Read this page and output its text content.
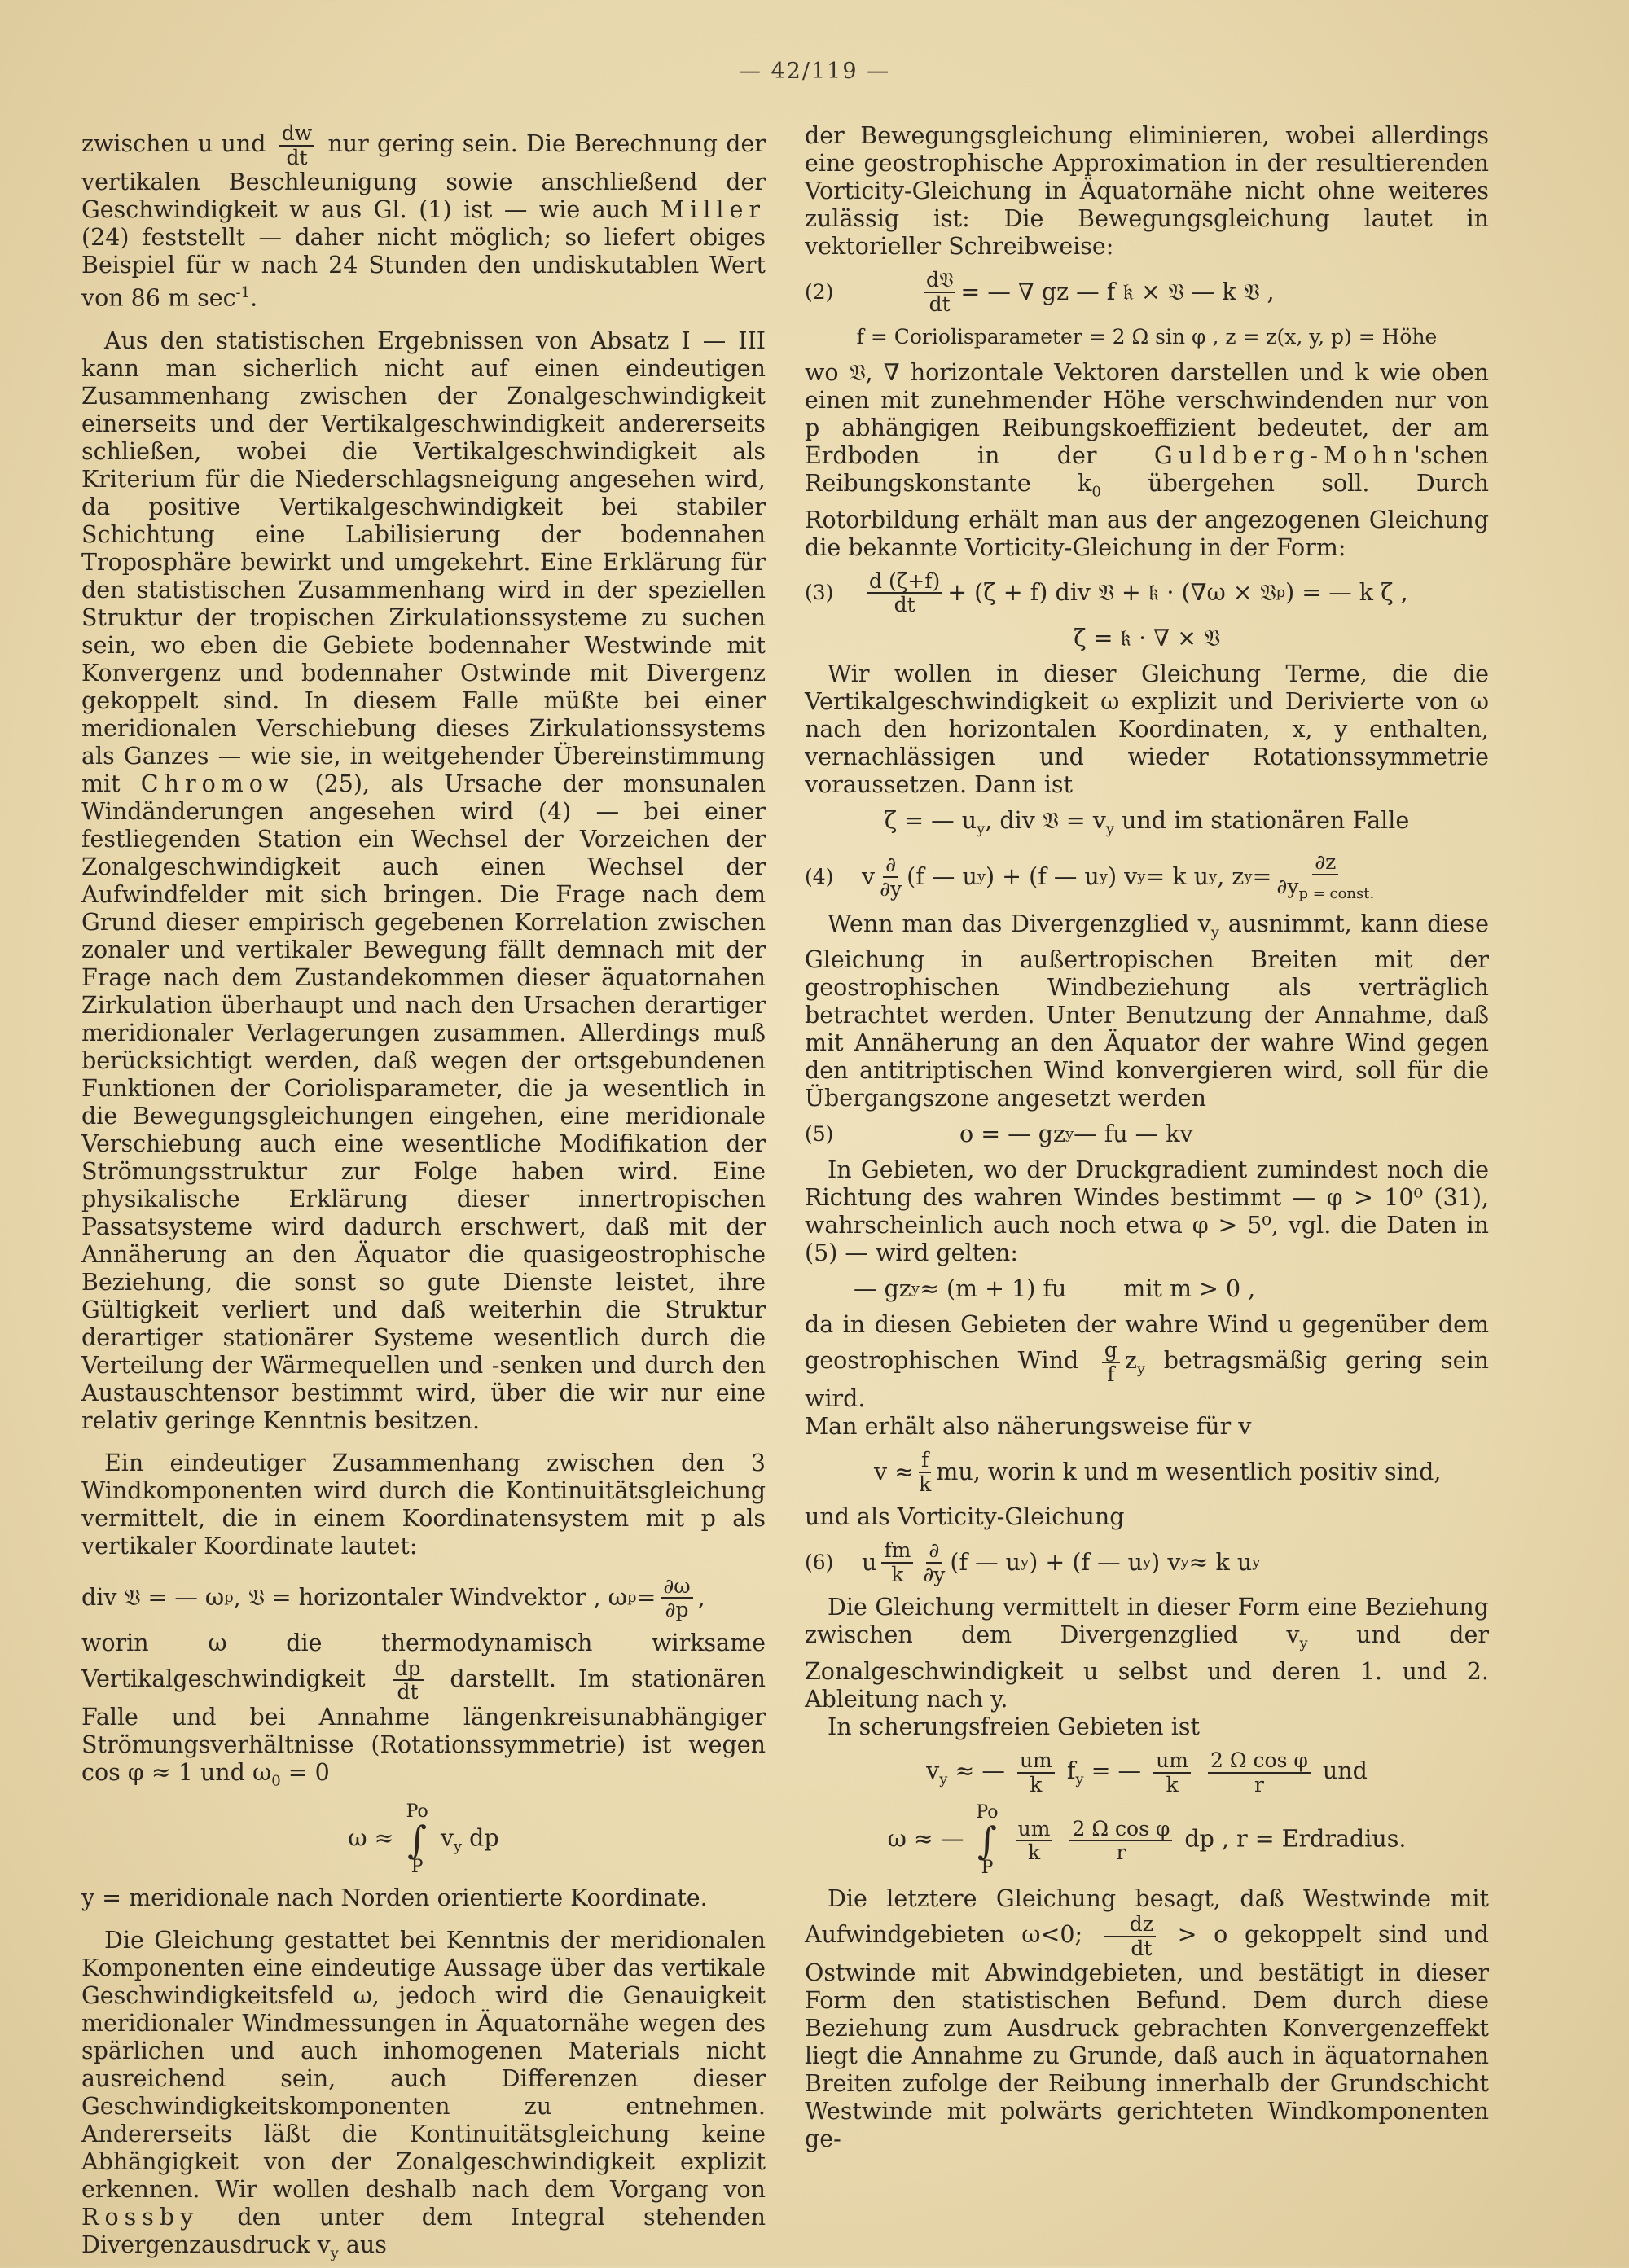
— 42/119 —

zwischen u und $\frac{dw}{dt}$ nur gering sein. Die Berechnung der vertikalen Beschleunigung sowie anschließend der Geschwindigkeit w aus Gl. (1) ist — wie auch Miller (24) feststellt — daher nicht möglich; so liefert obiges Beispiel für w nach 24 Stunden den undiskutablen Wert von 86 m $\sec^{-1}$.

Aus den statistischen Ergebnissen von Absatz I — III kann man sicherlich nicht auf einen eindeutigen Zusammenhang zwischen der Zonalgeschwindigkeit einerseits und der Vertikalgeschwindigkeit andererseits schließen, wobei die Vertikalgeschwindigkeit als Kriterium für die Niederschlagsneigung angesehen wird, da positive Vertikalgeschwindigkeit bei stabiler Schichtung eine Labilisierung der bodennahen Troposphäre bewirkt und umgekehrt. Eine Erklärung für den statistischen Zusammenhang wird in der speziellen Struktur der tropischen Zirkulationssysteme zu suchen sein, wo eben die Gebiete bodennaher Westwinde mit Konvergenz und bodennaher Ostwinde mit Divergenz gekoppelt sind. In diesem Falle müßte bei einer meridionalen Verschiebung dieses Zirkulationssystems als Ganzes — wie sie, in weitgehender Übereinstimmung mit Chromow (25), als Ursache der monsunalen Windänderungen angesehen wird (4) — bei einer festliegenden Station ein Wechsel der Vorzeichen der Zonalgeschwindigkeit auch einen Wechsel der Aufwindfelder mit sich bringen. Die Frage nach dem Grund dieser empirisch gegebenen Korrelation zwischen zonaler und vertikaler Bewegung fällt demnach mit der Frage nach dem Zustandekommen dieser äquatornahen Zirkulation überhaupt und nach den Ursachen derartiger meridionaler Verlagerungen zusammen. Allerdings muß berücksichtigt werden, daß wegen der ortsgebundenen Funktionen der Coriolisparameter, die ja wesentlich in die Bewegungsgleichungen eingehen, eine meridionale Verschiebung auch eine wesentliche Modifikation der Strömungsstruktur zur Folge haben wird. Eine physikalische Erklärung dieser innertropischen Passatsysteme wird dadurch erschwert, daß mit der Annäherung an den Äquator die quasigeostrophische Beziehung, die sonst so gute Dienste leistet, ihre Gültigkeit verliert und daß weiterhin die Struktur derartiger stationärer Systeme wesentlich durch die Verteilung der Wärmequellen und -senken und durch den Austauschtensor bestimmt wird, über die wir nur eine relativ geringe Kenntnis besitzen.

Ein eindeutiger Zusammenhang zwischen den 3 Windkomponenten wird durch die Kontinuitätsgleichung vermittelt, die in einem Koordinatensystem mit p als vertikaler Koordinate lautet:

div 𝔙 = — ω p , 𝔙 = horizontaler Windvektor , ω $p = \frac{\partial\omega}{\partial p}$ ,

worin ω die thermodynamisch wirksame Vertikalgeschwindigkeit $\frac{dp}{dt}$ darstellt. Im stationären Falle und bei Annahme längenkreisunabhängiger Strömungsverhältnisse (Rotationssymmetrie) ist wegen cos φ ≈ 1 und $\omega_0 = 0$

ω ≈
Po
∫
P
$v_y$ dp

y = meridionale nach Norden orientierte Koordinate.

Die Gleichung gestattet bei Kenntnis der meridionalen Komponenten eine eindeutige Aussage über das vertikale Geschwindigkeitsfeld ω, jedoch wird die Genauigkeit meridionaler Windmessungen in Äquatornähe wegen des spärlichen und auch inhomogenen Materials nicht ausreichend sein, auch Differenzen dieser Geschwindigkeitskomponenten zu entnehmen. Andererseits läßt die Kontinuitätsgleichung keine Abhängigkeit von der Zonalgeschwindigkeit explizit erkennen. Wir wollen deshalb nach dem Vorgang von Rossby den unter dem Integral stehenden Divergenzausdruck $v_y$ aus

der Bewegungsgleichung eliminieren, wobei allerdings eine geostrophische Approximation in der resultierenden Vorticity-Gleichung in Äquatornähe nicht ohne weiteres zulässig ist: Die Bewegungsgleichung lautet in vektorieller Schreibweise:

(2)	$\frac{\text{d𝔙}}{dt}$ = — ∇ gz — f 𝔨 × 𝔙 — k 𝔙 ,
f = Coriolisparameter = 2 Ω sin φ , z = z(x, y, p) = Höhe

wo 𝔙, ∇ horizontale Vektoren darstellen und k wie oben einen mit zunehmender Höhe verschwindenden nur von p abhängigen Reibungskoeffizient bedeutet, der am Erdboden in der Guldberg-Mohn'schen Reibungskonstante $k_0$ übergehen soll. Durch Rotorbildung erhält man aus der angezogenen Gleichung die bekannte Vorticity-Gleichung in der Form:

(3)	$\frac{d (\zeta+f)}{dt} + (\zeta + f)$ div 𝔙 + 𝔨 · (∇ω × 𝔙 p ) = — k ζ ,
ζ = 𝔨 · ∇ × 𝔙

Wir wollen in dieser Gleichung Terme, die die Vertikalgeschwindigkeit ω explizit und Derivierte von ω nach den horizontalen Koordinaten, x, y enthalten, vernachlässigen und wieder Rotationssymmetrie voraussetzen. Dann ist

ζ = — $u_y$, div 𝔙 = $v_y$ und im stationären Falle
(4)	v $\frac{\partial}{\partial y} (f$ — u y ) + (f — u y ) v y = k u y , z $y = \frac{\partial z}{\partial y_{p = const.}}$

Wenn man das Divergenzglied $v_y$ ausnimmt, kann diese Gleichung in außertropischen Breiten mit der geostrophischen Windbeziehung als verträglich betrachtet werden. Unter Benutzung der Annahme, daß mit Annäherung an den Äquator der wahre Wind gegen den antitriptischen Wind konvergieren wird, soll für die Übergangszone angesetzt werden

(5)	o = — gz y — fu — kv

In Gebieten, wo der Druckgradient zumindest noch die Richtung des wahren Windes bestimmt — φ > 10⁰ (31), wahrscheinlich auch noch etwa φ > 5⁰, vgl. die Daten in (5) — wird gelten:

— gz y ≈ (m + 1) fu mit m > 0 ,

da in diesen Gebieten der wahre Wind u gegenüber dem geostrophischen Wind $\frac{g}{f} z_y$ betragsmäßig gering sein wird.

Man erhält also näherungsweise für v

$v \approx \frac{f}{k}$ mu, worin k und m wesentlich positiv sind,

und als Vorticity-Gleichung

(6)	u $\frac{fm}{k} \frac{\partial}{\partial y} (f$ — u y ) + (f — u y ) v y ≈ k u y

Die Gleichung vermittelt in dieser Form eine Beziehung zwischen dem Divergenzglied $v_y$ und der Zonalgeschwindigkeit u selbst und deren 1. und 2. Ableitung nach y.

In scherungsfreien Gebieten ist

$v_y$ ≈ — $\frac{um}{k} f_y$ = — $\frac{um}{k}$
$\frac{\text{2 Ω cos φ}}{r}$ und
ω ≈ —
Po
∫
P

$\frac{um}{k}$
$\frac{\text{2 Ω cos φ}}{r}$ dp , r = Erdradius.

Die letztere Gleichung besagt, daß Westwinde mit Aufwindgebieten ω<0; $\frac{dz}{dt} > o$ gekoppelt sind und Ostwinde mit Abwindgebieten, und bestätigt in dieser Form den statistischen Befund. Dem durch diese Beziehung zum Ausdruck gebrachten Konvergenzeffekt liegt die Annahme zu Grunde, daß auch in äquatornahen Breiten zufolge der Reibung innerhalb der Grundschicht Westwinde mit polwärts gerichteten Windkomponenten ge-
